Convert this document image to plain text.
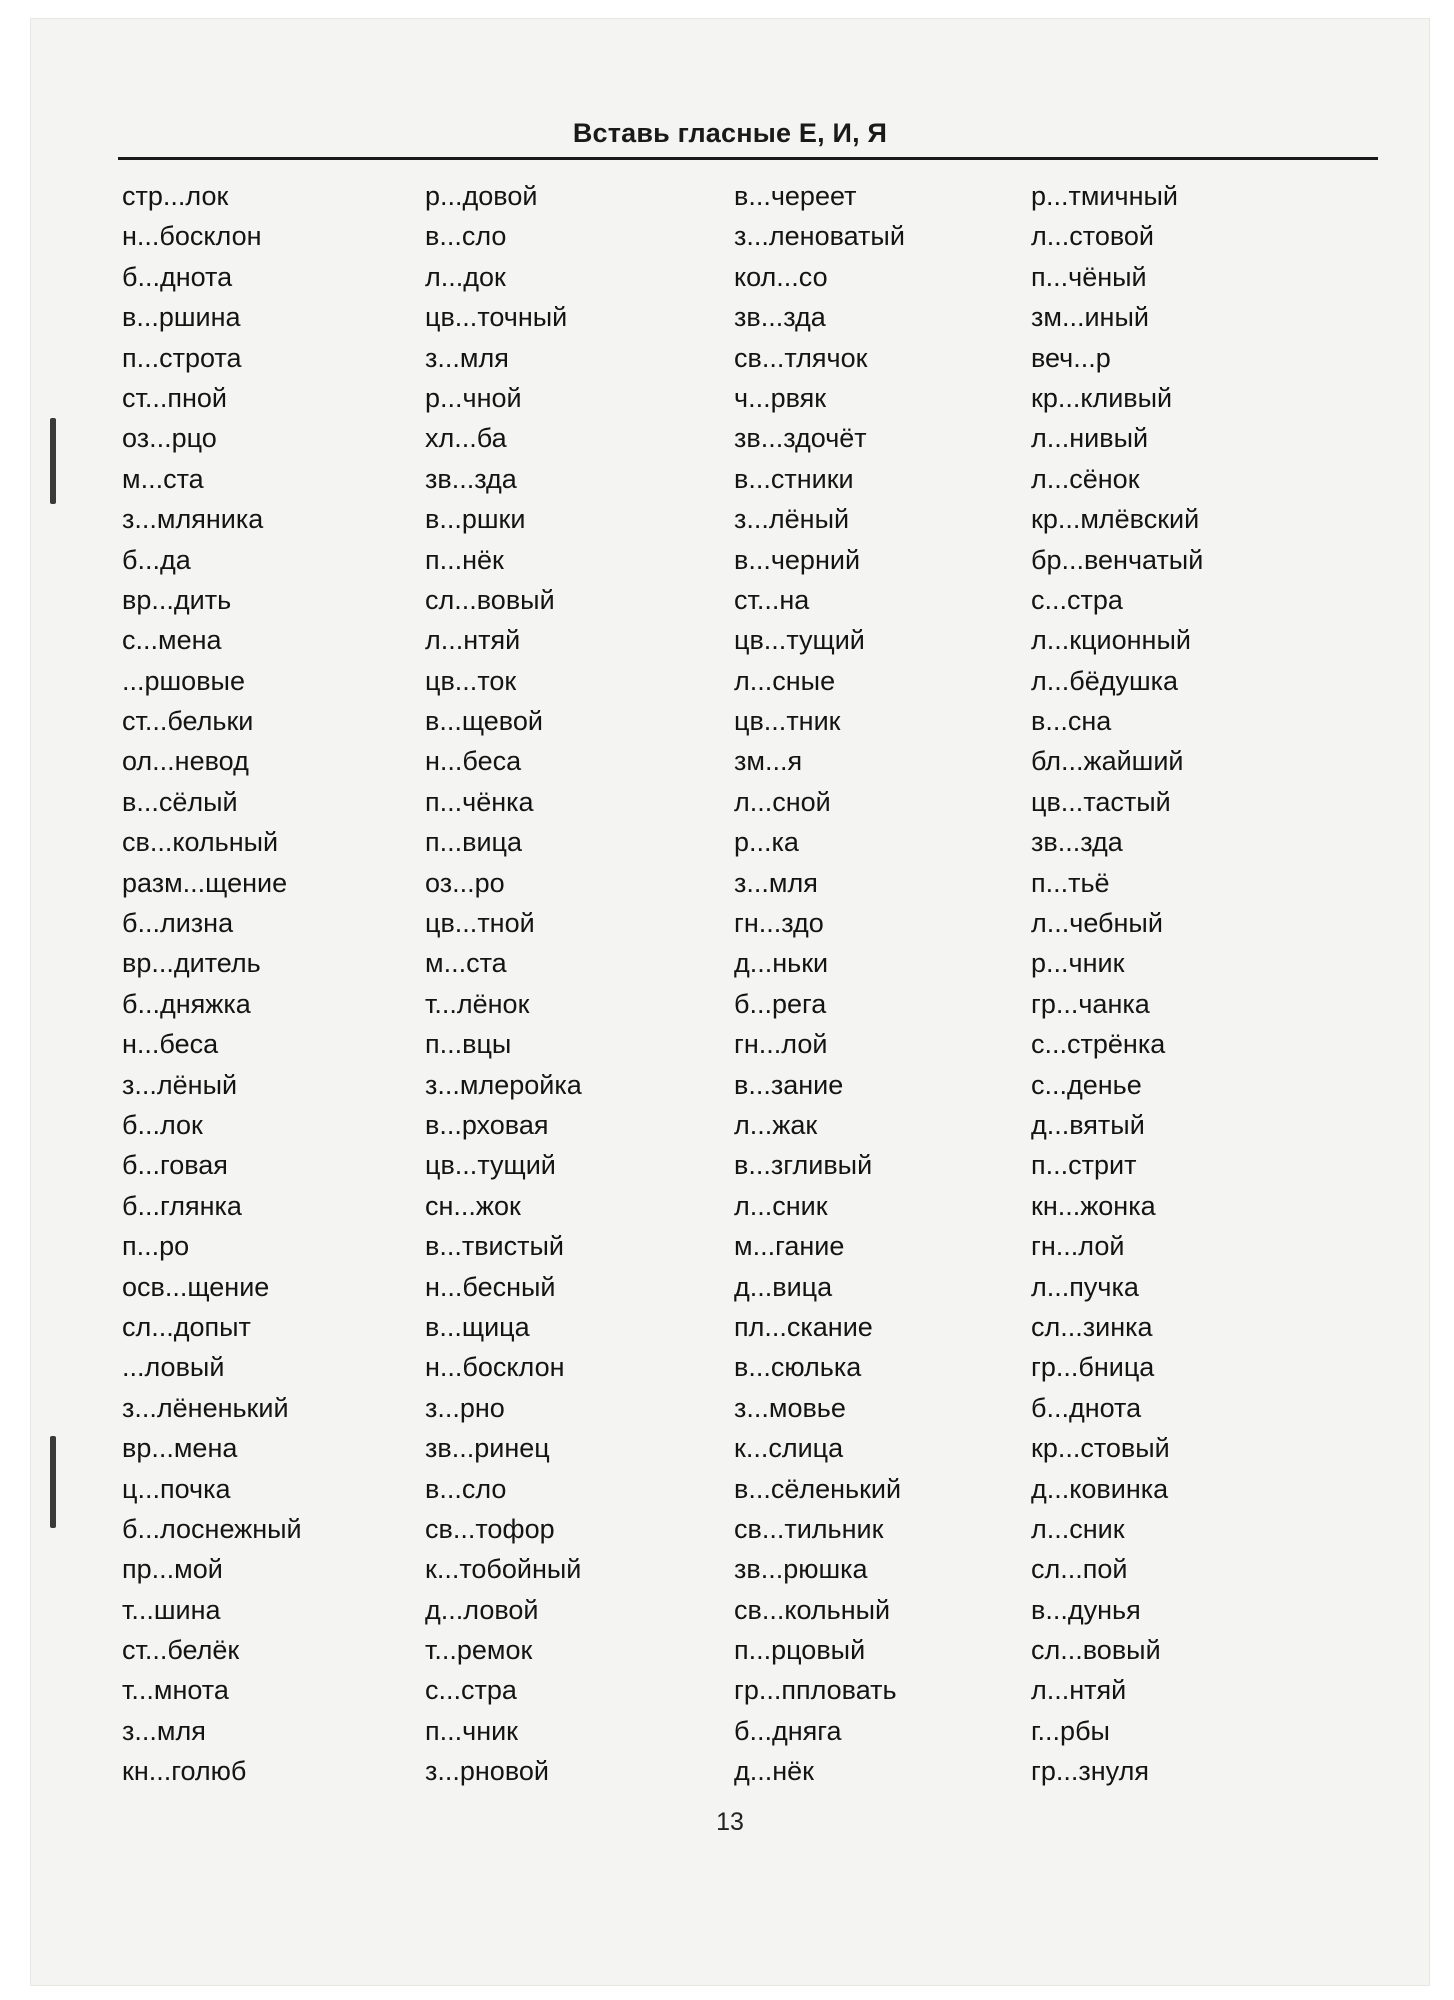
Вставь гласные Е, И, Я
стр...лок	р...довой	в...череет	р...тмичный
н...босклон	в...сло	з...леноватый	л...стовой
б...днота	л...док	кол...со	п...чёный
в...ршина	цв...точный	зв...зда	зм...иный
п...строта	з...мля	св...тлячок	веч...р
ст...пной	р...чной	ч...рвяк	кр...кливый
оз...рцо	хл...ба	зв...здочёт	л...нивый
м...ста	зв...зда	в...стники	л...сёнок
з...мляника	в...ршки	з...лёный	кр...млёвский
б...да	п...нёк	в...черний	бр...венчатый
вр...дить	сл...вовый	ст...на	с...стра
с...мена	л...нтяй	цв...тущий	л...кционный
...ршовые	цв...ток	л...сные	л...бёдушка
ст...бельки	в...щевой	цв...тник	в...сна
ол...невод	н...беса	зм...я	бл...жайший
в...сёлый	п...чёнка	л...сной	цв...тастый
св...кольный	п...вица	р...ка	зв...зда
разм...щение	оз...ро	з...мля	п...тьё
б...лизна	цв...тной	гн...здо	л...чебный
вр...дитель	м...ста	д...ньки	р...чник
б...дняжка	т...лёнок	б...рега	гр...чанка
н...беса	п...вцы	гн...лой	с...стрёнка
з...лёный	з...млеройка	в...зание	с...денье
б...лок	в...рховая	л...жак	д...вятый
б...говая	цв...тущий	в...згливый	п...стрит
б...глянка	сн...жок	л...сник	кн...жонка
п...ро	в...твистый	м...гание	гн...лой
осв...щение	н...бесный	д...вица	л...пучка
сл...допыт	в...щица	пл...скание	сл...зинка
...ловый	н...босклон	в...сюлька	гр...бница
з...лёненький	з...рно	з...мовье	б...днота
вр...мена	зв...ринец	к...слица	кр...стовый
ц...почка	в...сло	в...сёленький	д...ковинка
б...лоснежный	св...тофор	св...тильник	л...сник
пр...мой	к...тобойный	зв...рюшка	сл...пой
т...шина	д...ловой	св...кольный	в...дунья
ст...белёк	т...ремок	п...рцовый	сл...вовый
т...мнота	с...стра	гр...ппловать	л...нтяй
з...мля	п...чник	б...дняга	г...рбы
кн...голюб	з...рновой	д...нёк	гр...знуля
13
